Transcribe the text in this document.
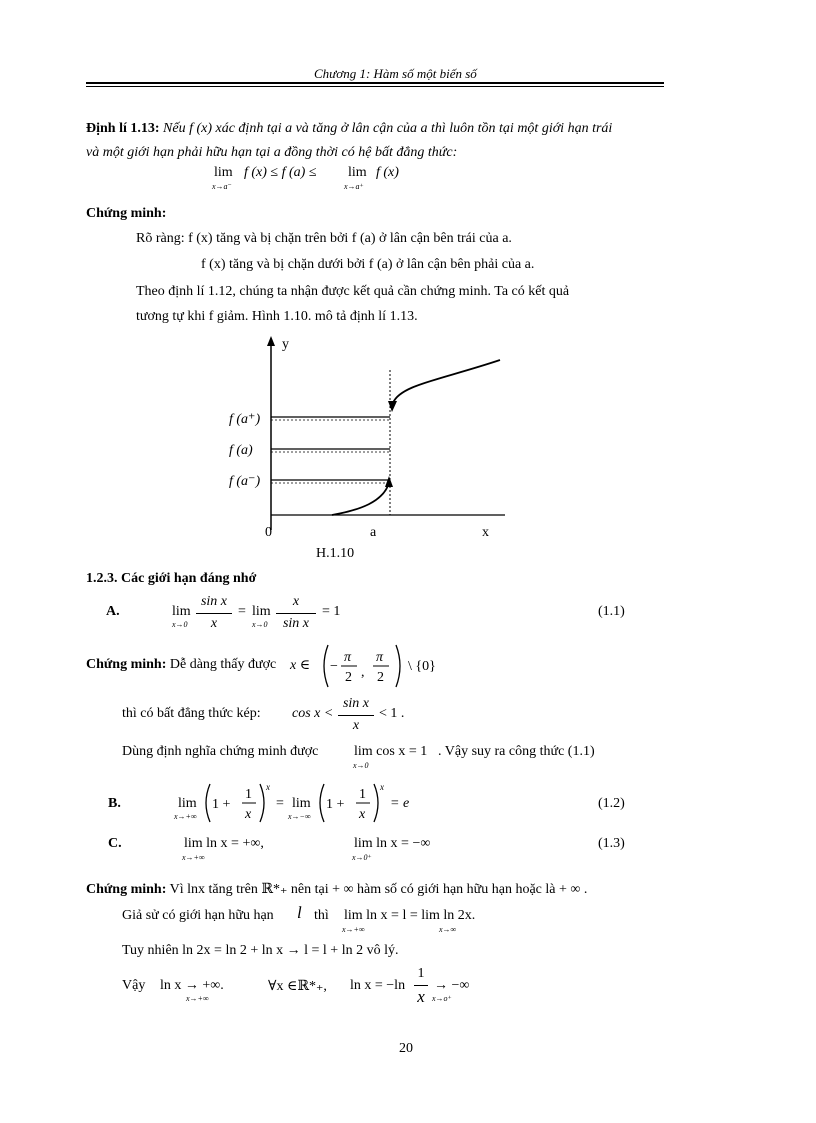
Chương 1: Hàm số một biến số
Định lí 1.13: Nếu f (x) xác định tại a và tăng ở lân cận của a thì luôn tồn tại một giới hạn trái
và một giới hạn phải hữu hạn tại a đồng thời có hệ bất đẳng thức:
lim
x→a⁻
f (x) ≤ f (a) ≤ lim
x→a⁺
f (x)
Chứng minh:
Rõ ràng: f (x) tăng và bị chặn trên bởi f (a) ở lân cận bên trái của a.
f (x) tăng và bị chặn dưới bởi f (a) ở lân cận bên phải của a.
Theo định lí 1.12, chúng ta nhận được kết quả cần chứng minh. Ta có kết quả
tương tự khi f giảm. Hình 1.10. mô tả định lí 1.13.
y
x
0	a
f (a⁺)
f (a)
f (a⁻)
H.1.10
1.2.3. Các giới hạn đáng nhớ
A.	lim
x→0
sin x
x
= lim
x→0
x
sin x
= 1	(1.1)
Chứng minh: Dễ dàng thấy được x ∈ −
π
2 ,
π
2
\ {0}
thì có bất đẳng thức kép: cos x <
sin x
x
< 1 .
Dùng định nghĩa chứng minh được	lim cos x = 1
x→0
. Vậy suy ra công thức (1.1)
B.	lim
x→+∞
1 +
1
x
x
= lim
x→−∞
1 +
1
x
x
= e	(1.2)
C.	lim ln x = +∞,
x→+∞
lim ln x = −∞
x→0⁺
(1.3)
Chứng minh: Vì lnx tăng trên ℝ*₊ nên tại + ∞ hàm số có giới hạn hữu hạn hoặc là + ∞ .
Giả sử có giới hạn hữu hạn l thì lim ln x = l = lim ln 2x.
x→+∞	x→∞
Tuy nhiên ln 2x = ln 2 + ln x → l = l + ln 2 vô lý.
Vậy ln x → +∞.
x→+∞
∀x ∈ℝ*₊, ln x = −ln
1
x
→ −∞
x→o⁺
20
